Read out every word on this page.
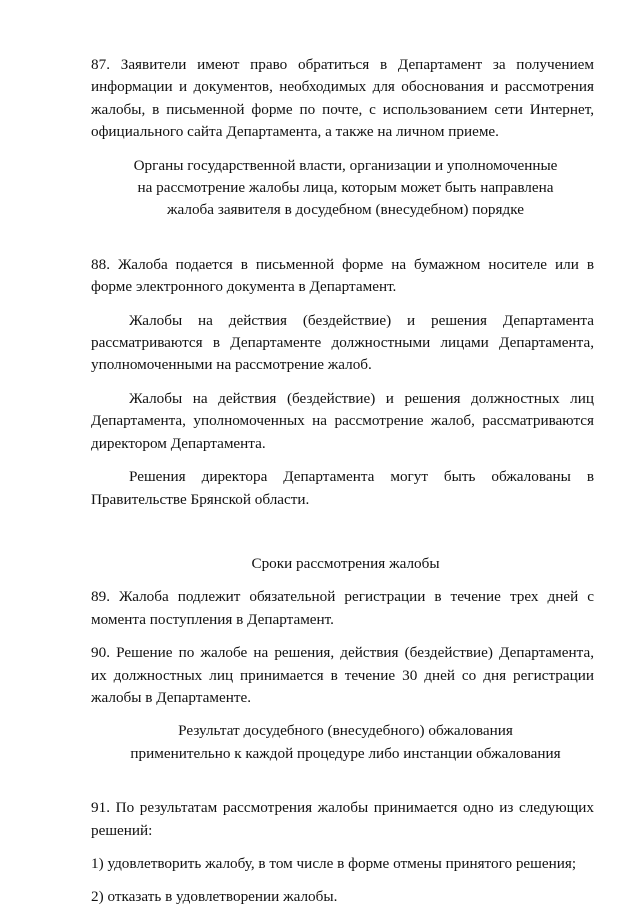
87. Заявители имеют право обратиться в Департамент за получением информации и документов, необходимых для обоснования и рассмотрения жалобы, в письменной форме по почте, с использованием сети Интернет, официального сайта Департамента, а также на личном приеме.

Органы государственной власти, организации и уполномоченные
на рассмотрение жалобы лица, которым может быть направлена
жалоба заявителя в досудебном (внесудебном) порядке

88. Жалоба подается в письменной форме на бумажном носителе или в форме электронного документа в Департамент.

Жалобы на действия (бездействие) и решения Департамента рассматриваются в Департаменте должностными лицами Департамента, уполномоченными на рассмотрение жалоб.

Жалобы на действия (бездействие) и решения должностных лиц Департамента, уполномоченных на рассмотрение жалоб, рассматриваются директором Департамента.

Решения директора Департамента могут быть обжалованы в Правительстве Брянской области.

Сроки рассмотрения жалобы

89. Жалоба подлежит обязательной регистрации в течение трех дней с момента поступления в Департамент.

90. Решение по жалобе на решения, действия (бездействие) Департамента, их должностных лиц принимается в течение 30 дней со дня регистрации жалобы в Департаменте.

Результат досудебного (внесудебного) обжалования
применительно к каждой процедуре либо инстанции обжалования

91. По результатам рассмотрения жалобы принимается одно из следующих решений:

1) удовлетворить жалобу, в том числе в форме отмены принятого решения;

2) отказать в удовлетворении жалобы.
